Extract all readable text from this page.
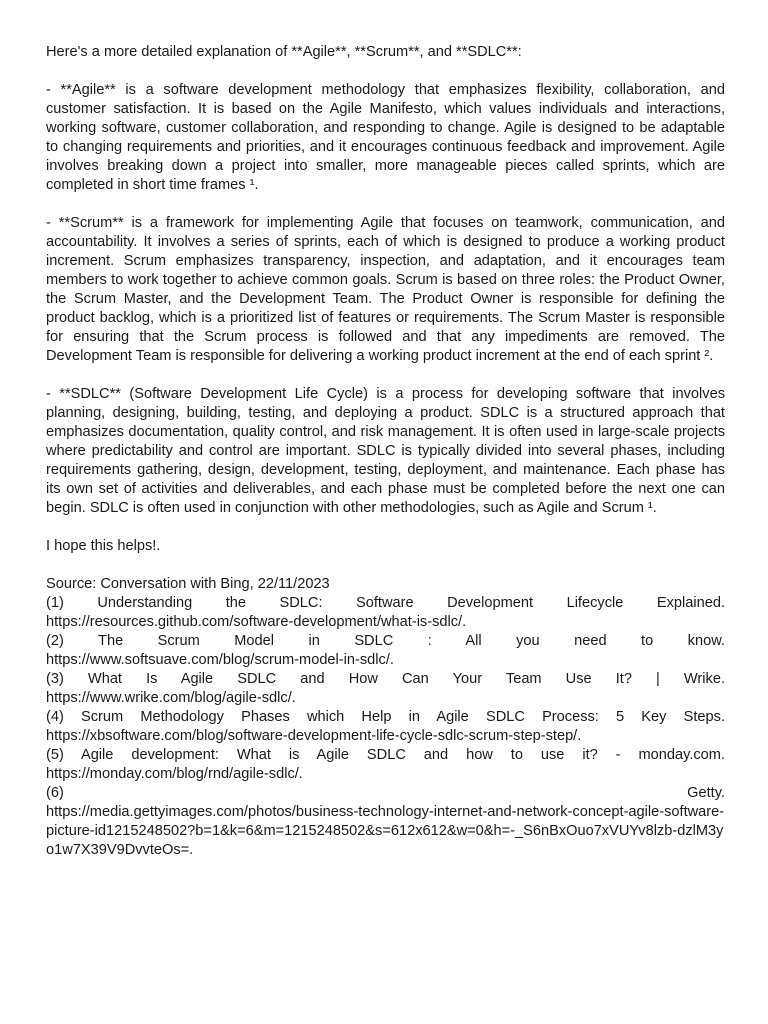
Here's a more detailed explanation of **Agile**, **Scrum**, and **SDLC**:

- **Agile** is a software development methodology that emphasizes flexibility, collaboration, and customer satisfaction. It is based on the Agile Manifesto, which values individuals and interactions, working software, customer collaboration, and responding to change. Agile is designed to be adaptable to changing requirements and priorities, and it encourages continuous feedback and improvement. Agile involves breaking down a project into smaller, more manageable pieces called sprints, which are completed in short time frames ¹.

- **Scrum** is a framework for implementing Agile that focuses on teamwork, communication, and accountability. It involves a series of sprints, each of which is designed to produce a working product increment. Scrum emphasizes transparency, inspection, and adaptation, and it encourages team members to work together to achieve common goals. Scrum is based on three roles: the Product Owner, the Scrum Master, and the Development Team. The Product Owner is responsible for defining the product backlog, which is a prioritized list of features or requirements. The Scrum Master is responsible for ensuring that the Scrum process is followed and that any impediments are removed. The Development Team is responsible for delivering a working product increment at the end of each sprint ².

- **SDLC** (Software Development Life Cycle) is a process for developing software that involves planning, designing, building, testing, and deploying a product. SDLC is a structured approach that emphasizes documentation, quality control, and risk management. It is often used in large-scale projects where predictability and control are important. SDLC is typically divided into several phases, including requirements gathering, design, development, testing, deployment, and maintenance. Each phase has its own set of activities and deliverables, and each phase must be completed before the next one can begin. SDLC is often used in conjunction with other methodologies, such as Agile and Scrum ¹.

I hope this helps!.

Source: Conversation with Bing, 22/11/2023

(1) Understanding the SDLC: Software Development Lifecycle Explained.

https://resources.github.com/software-development/what-is-sdlc/.

(2) The Scrum Model in SDLC : All you need to know.

https://www.softsuave.com/blog/scrum-model-in-sdlc/.

(3) What Is Agile SDLC and How Can Your Team Use It? | Wrike.

https://www.wrike.com/blog/agile-sdlc/.

(4) Scrum Methodology Phases which Help in Agile SDLC Process: 5 Key Steps.

https://xbsoftware.com/blog/software-development-life-cycle-sdlc-scrum-step-step/.

(5) Agile development: What is Agile SDLC and how to use it? - monday.com.

https://monday.com/blog/rnd/agile-sdlc/.

(6) Getty.

https://media.gettyimages.com/photos/business-technology-internet-and-network-concept-agile-software-picture-id1215248502?b=1&k=6&m=1215248502&s=612x612&w=0&h=-_S6nBxOuo7xVUYv8lzb-dzlM3yo1w7X39V9DvvteOs=.
